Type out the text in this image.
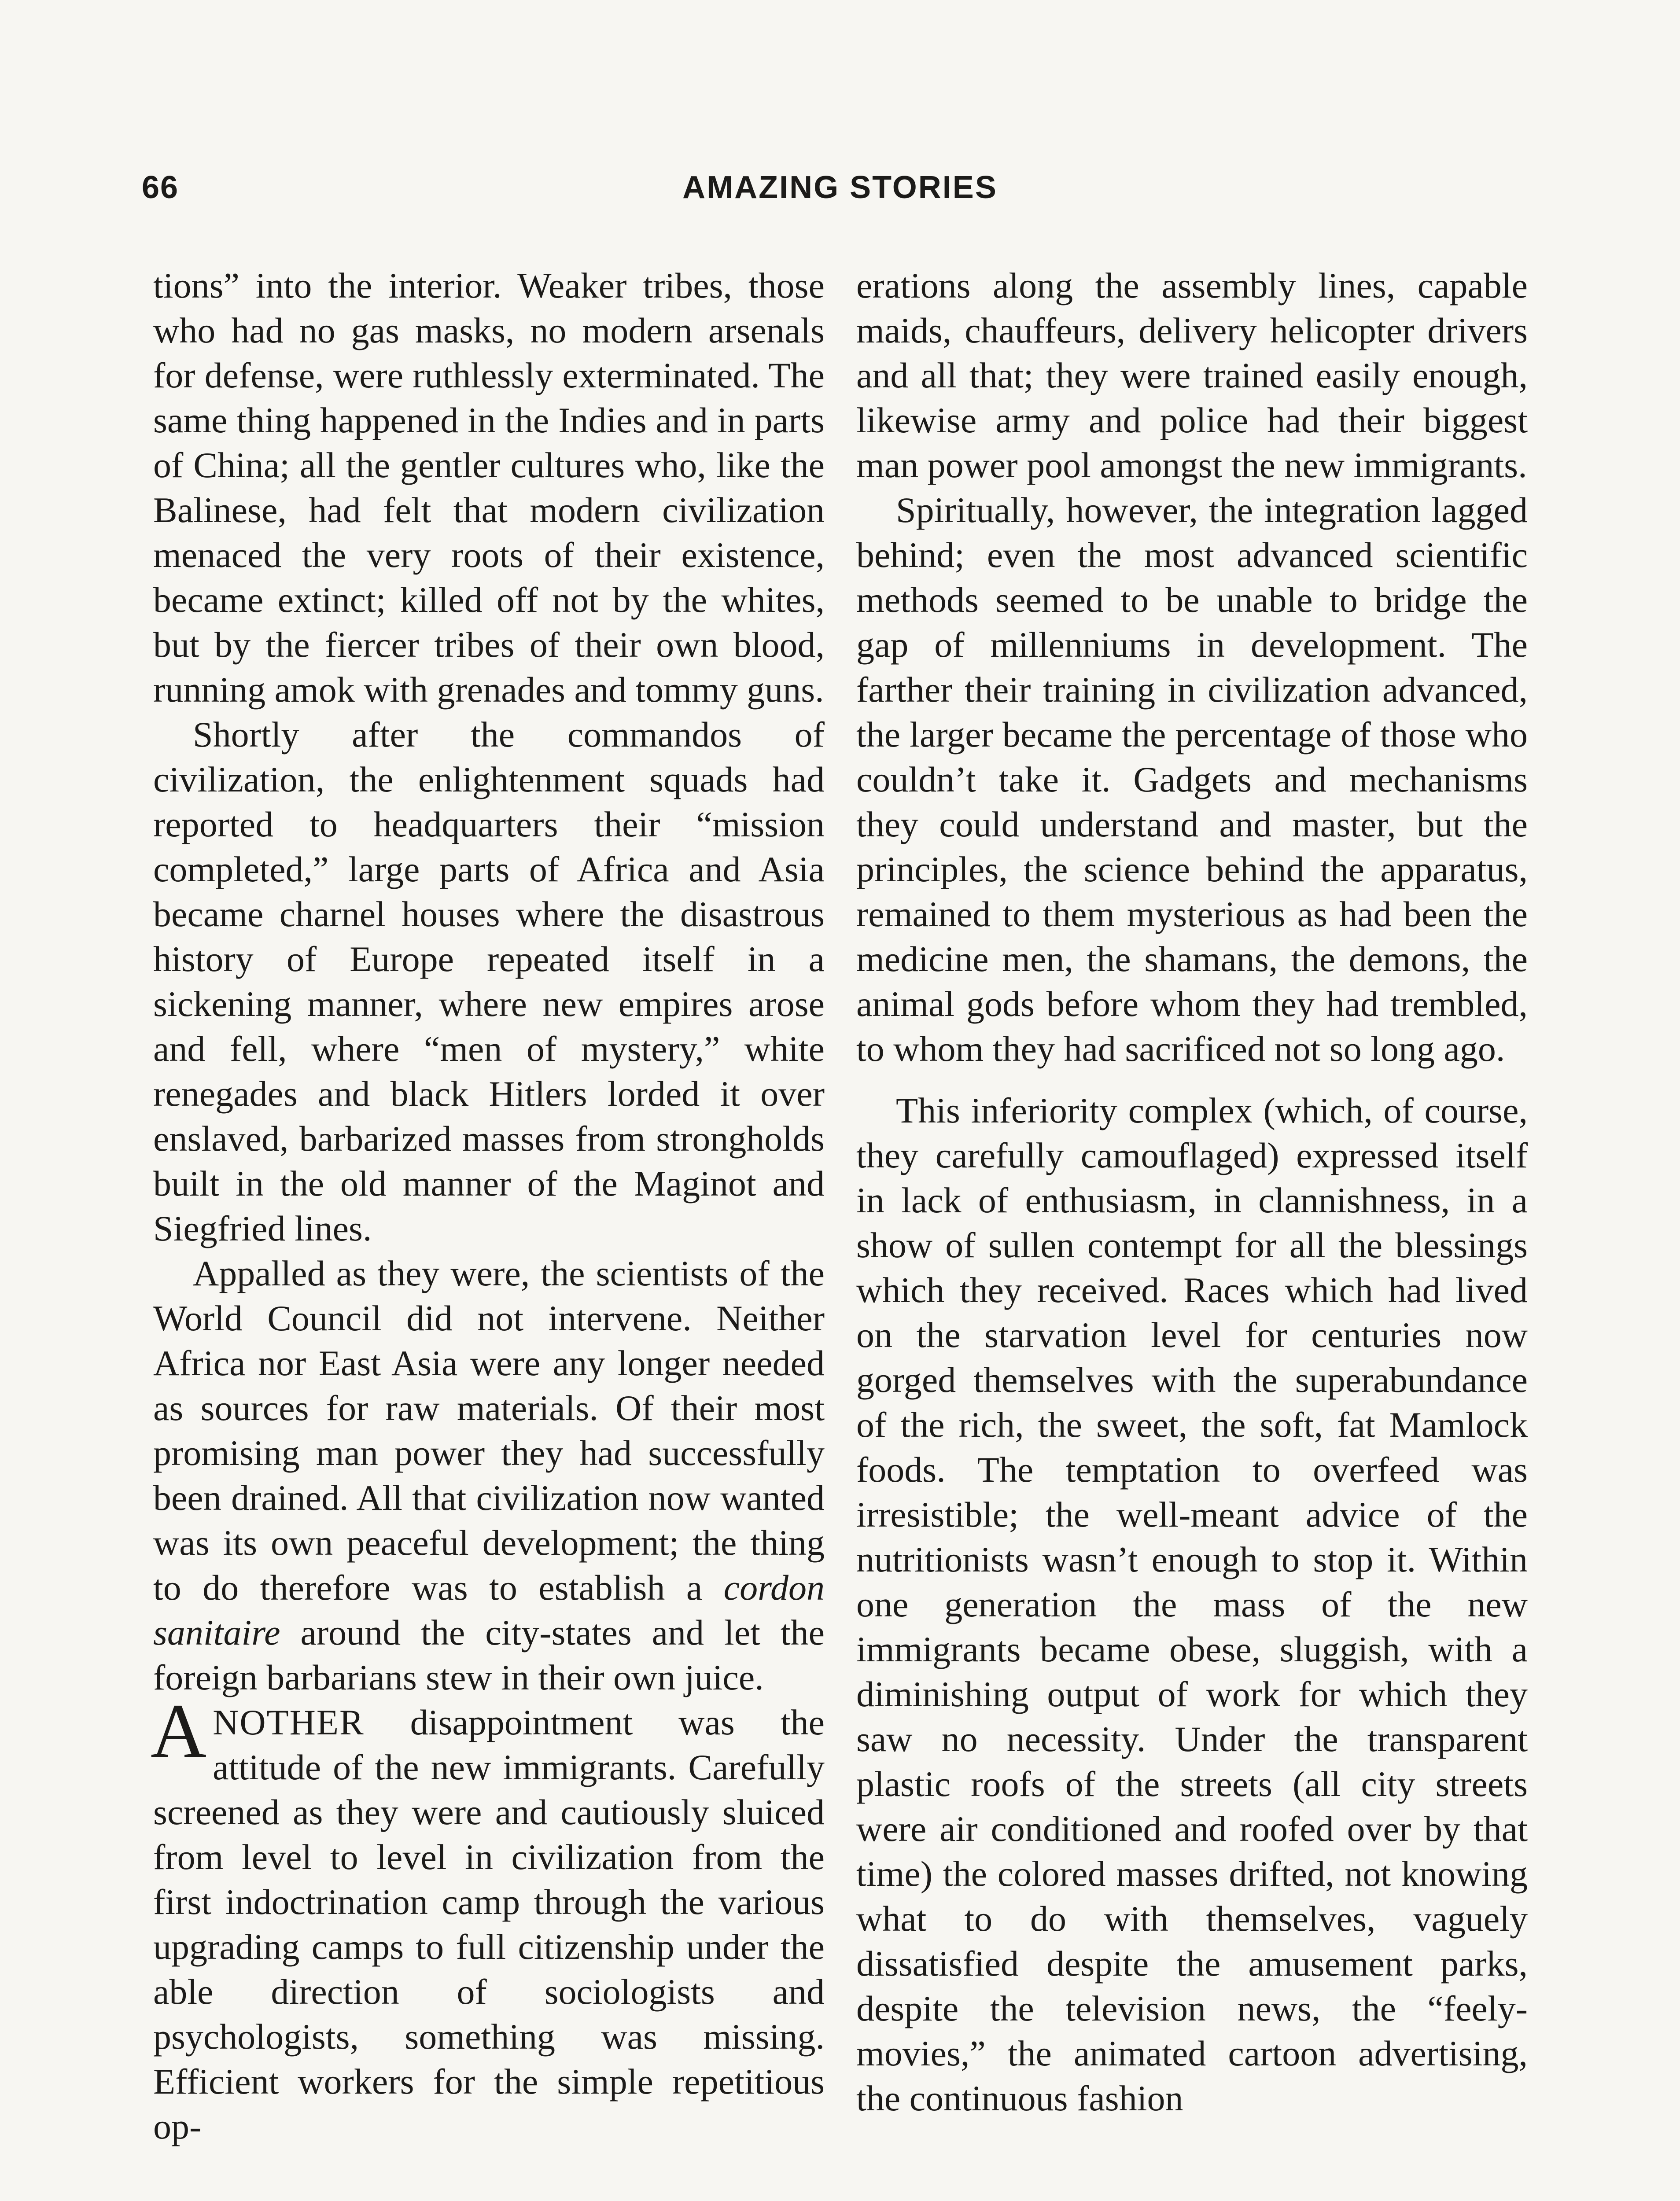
66	AMAZING STORIES

tions” into the interior. Weaker tribes, those who had no gas masks, no modern arsenals for defense, were ruthlessly exterminated. The same thing happened in the Indies and in parts of China; all the gentler cultures who, like the Balinese, had felt that modern civilization menaced the very roots of their existence, became extinct; killed off not by the whites, but by the fiercer tribes of their own blood, running amok with grenades and tommy guns.

Shortly after the commandos of civilization, the enlightenment squads had reported to headquarters their “mission completed,” large parts of Africa and Asia became charnel houses where the disastrous history of Europe repeated itself in a sickening manner, where new empires arose and fell, where “men of mystery,” white renegades and black Hitlers lorded it over enslaved, barbarized masses from strongholds built in the old manner of the Maginot and Siegfried lines.

Appalled as they were, the scientists of the World Council did not intervene. Neither Africa nor East Asia were any longer needed as sources for raw materials. Of their most promising man power they had successfully been drained. All that civilization now wanted was its own peaceful development; the thing to do therefore was to establish a cordon sanitaire around the city-states and let the foreign barbarians stew in their own juice.

ANOTHER disappointment was the attitude of the new immigrants. Carefully screened as they were and cautiously sluiced from level to level in civilization from the first indoctrination camp through the various upgrading camps to full citizenship under the able direction of sociologists and psychologists, something was missing. Efficient workers for the simple repetitious op-

erations along the assembly lines, capable maids, chauffeurs, delivery helicopter drivers and all that; they were trained easily enough, likewise army and police had their biggest man power pool amongst the new immigrants.

Spiritually, however, the integration lagged behind; even the most advanced scientific methods seemed to be unable to bridge the gap of millenniums in development. The farther their training in civilization advanced, the larger became the percentage of those who couldn’t take it. Gadgets and mechanisms they could understand and master, but the principles, the science behind the apparatus, remained to them mysterious as had been the medicine men, the shamans, the demons, the animal gods before whom they had trembled, to whom they had sacrificed not so long ago.

This inferiority complex (which, of course, they carefully camouflaged) expressed itself in lack of enthusiasm, in clannishness, in a show of sullen contempt for all the blessings which they received. Races which had lived on the starvation level for centuries now gorged themselves with the superabundance of the rich, the sweet, the soft, fat Mamlock foods. The temptation to overfeed was irresistible; the well-meant advice of the nutritionists wasn’t enough to stop it. Within one generation the mass of the new immigrants became obese, sluggish, with a diminishing output of work for which they saw no necessity. Under the transparent plastic roofs of the streets (all city streets were air conditioned and roofed over by that time) the colored masses drifted, not knowing what to do with themselves, vaguely dissatisfied despite the amusement parks, despite the television news, the “feely-movies,” the animated cartoon advertising, the continuous fashion
